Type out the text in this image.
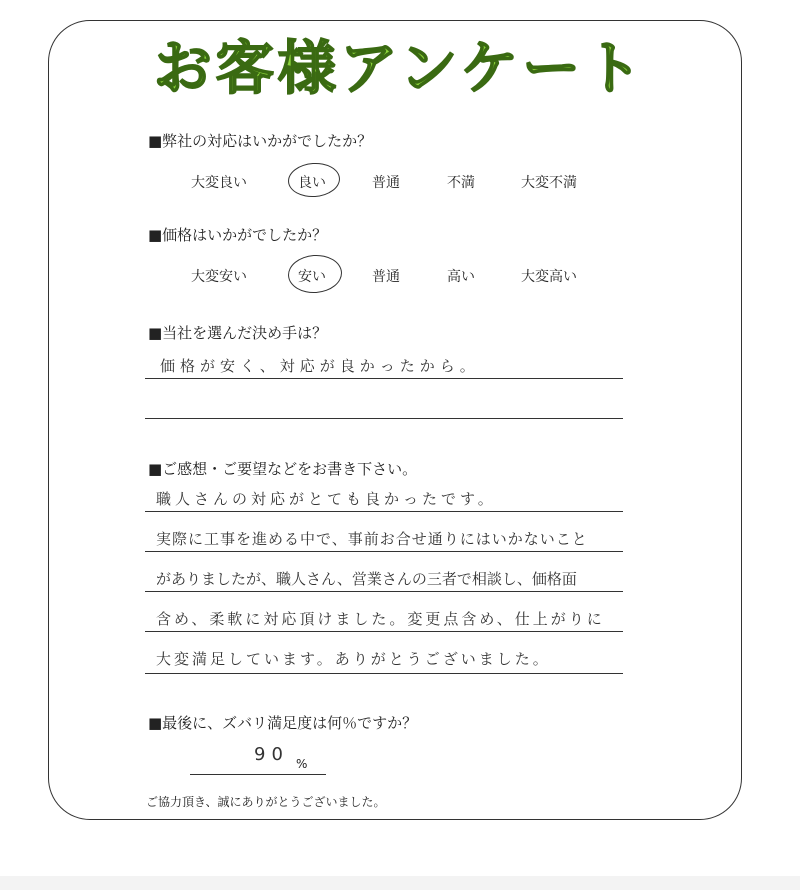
お客様アンケート
■弊社の対応はいかがでしたか？
大変良い	良い	普通	不満	大変不満
■価格はいかがでしたか？
大変安い	安い	普通	高い	大変高い
■当社を選んだ決め手は？
価格が安く、対応が良かったから。
■ご感想・ご要望などをお書き下さい。
職人さんの対応がとても良かったです。
実際に工事を進める中で、事前お合せ通りにはいかないこと
がありましたが、職人さん、営業さんの三者で相談し、価格面
含め、柔軟に対応頂けました。変更点含め、仕上がりに
大変満足しています。ありがとうございました。
■最後に、ズバリ満足度は何％ですか？
90 %
ご協力頂き、誠にありがとうございました。
